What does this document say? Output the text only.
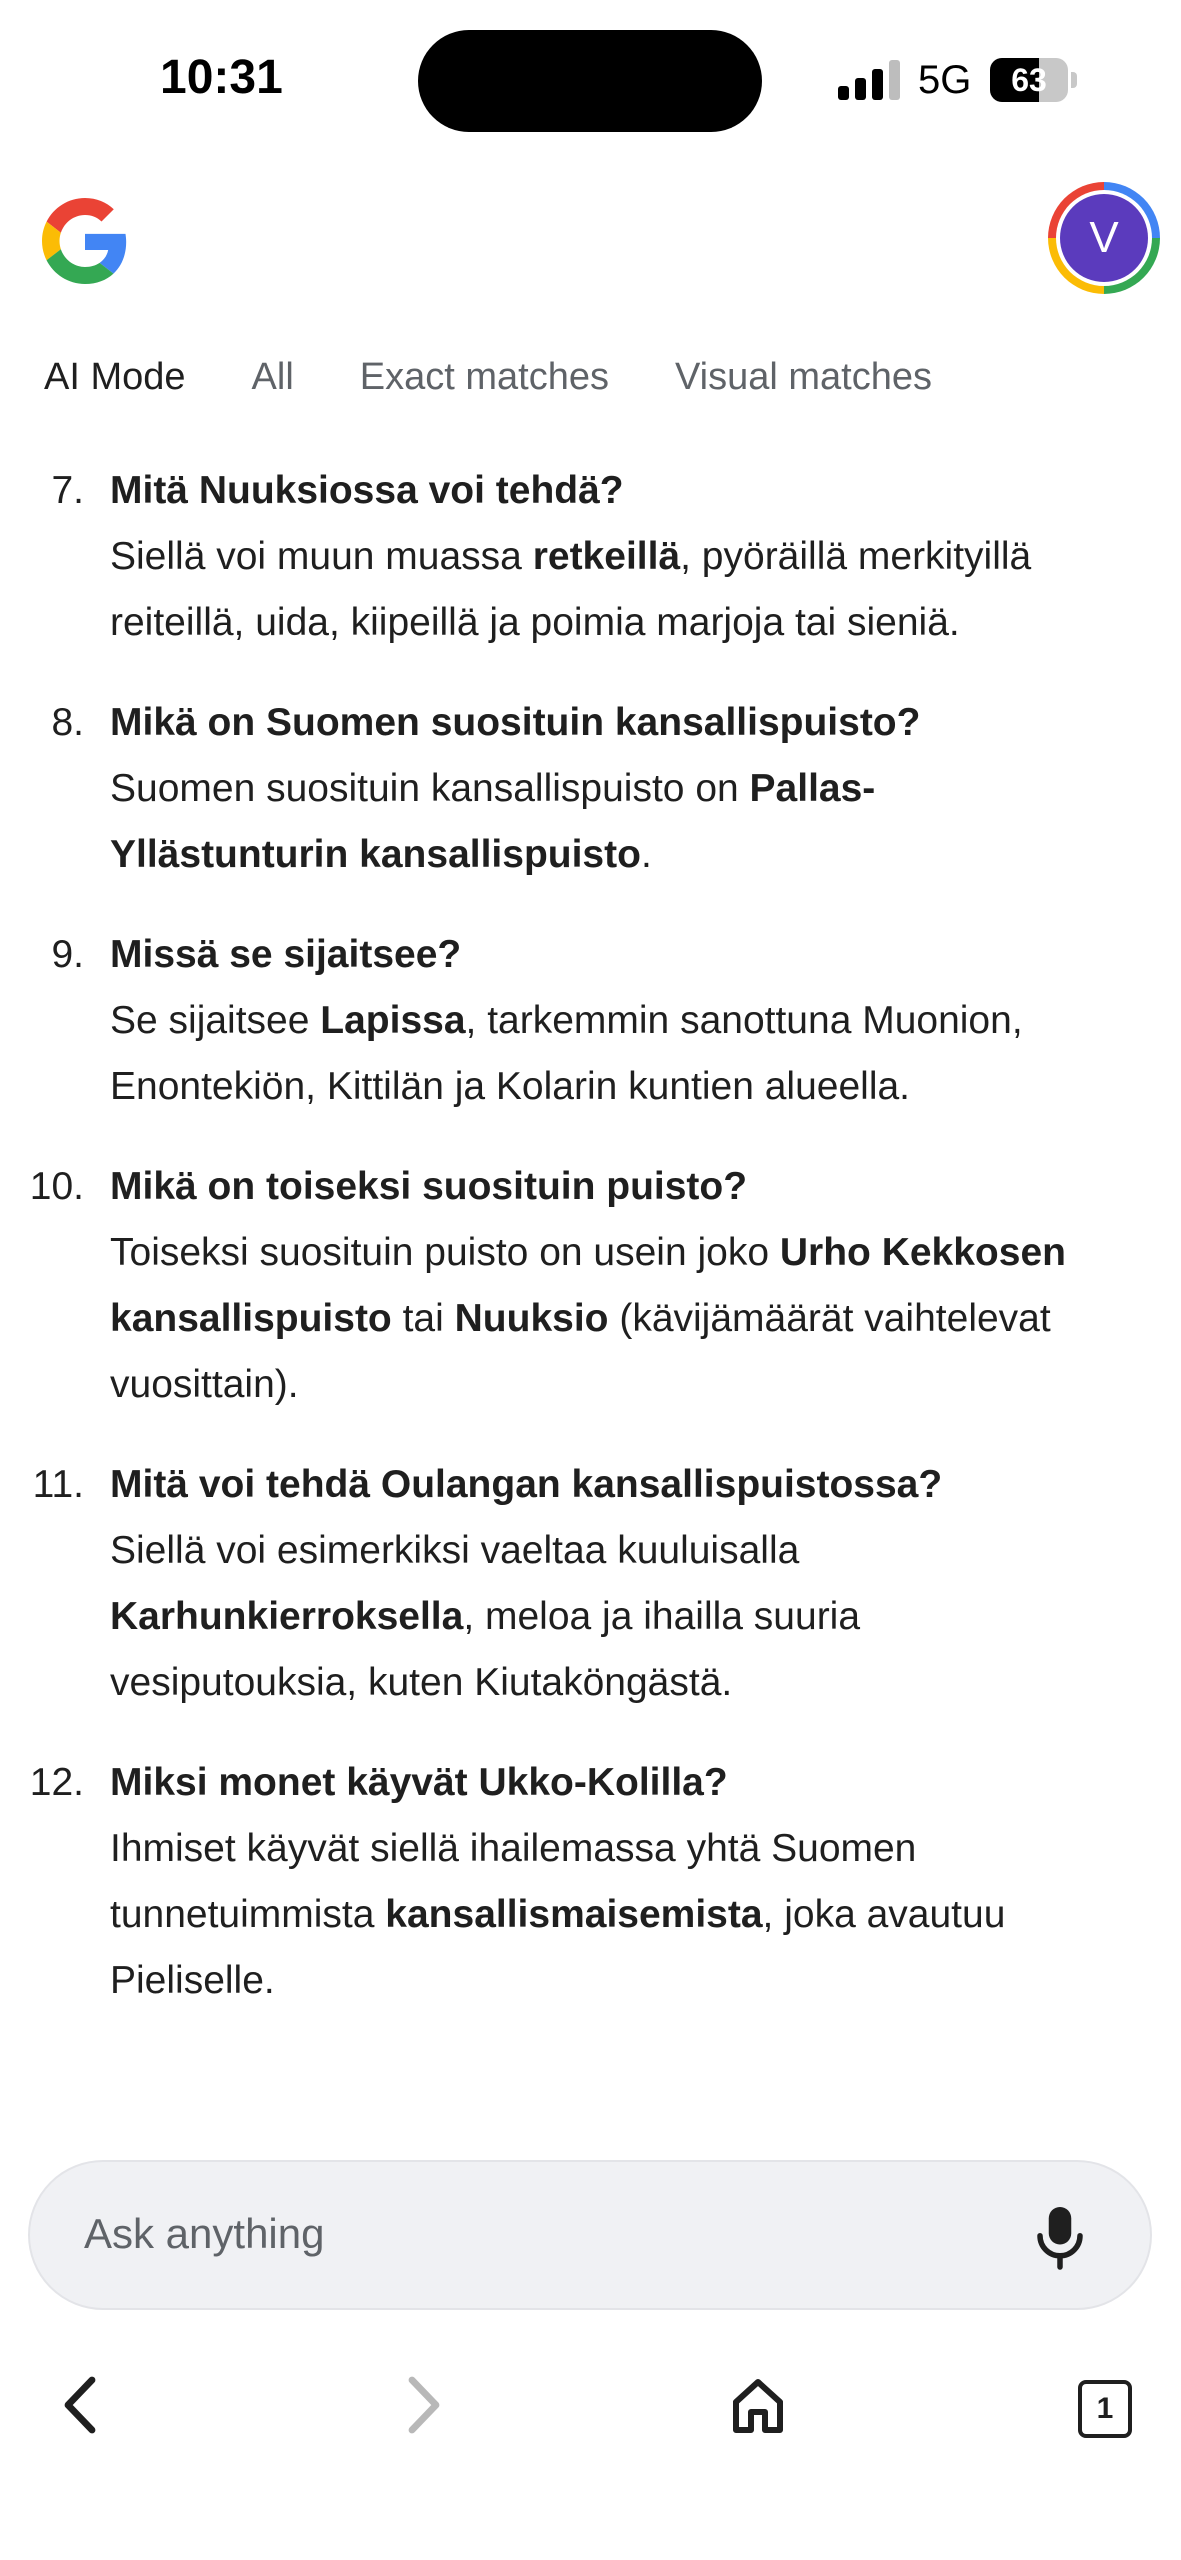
10:31	5G	63
V
AI Mode All Exact matches Visual matches
7. Mitä Nuuksiossa voi tehdä?
Siellä voi muun muassa retkeillä, pyöräillä merkityillä reiteillä, uida, kiipeillä ja poimia marjoja tai sieniä.
8. Mikä on Suomen suosituin kansallispuisto?
Suomen suosituin kansallispuisto on Pallas-Yllästunturin kansallispuisto.
9. Missä se sijaitsee?
Se sijaitsee Lapissa, tarkemmin sanottuna Muonion, Enontekiön, Kittilän ja Kolarin kuntien alueella.
10. Mikä on toiseksi suosituin puisto?
Toiseksi suosituin puisto on usein joko Urho Kekkosen kansallispuisto tai Nuuksio (kävijämäärät vaihtelevat vuosittain).
11. Mitä voi tehdä Oulangan kansallispuistossa?
Siellä voi esimerkiksi vaeltaa kuuluisalla Karhunkierroksella, meloa ja ihailla suuria vesiputouksia, kuten Kiutaköngästä.
12. Miksi monet käyvät Ukko-Kolilla?
Ihmiset käyvät siellä ihailemassa yhtä Suomen tunnetuimmista kansallismaisemista, joka avautuu Pieliselle.
Ask anything
1
